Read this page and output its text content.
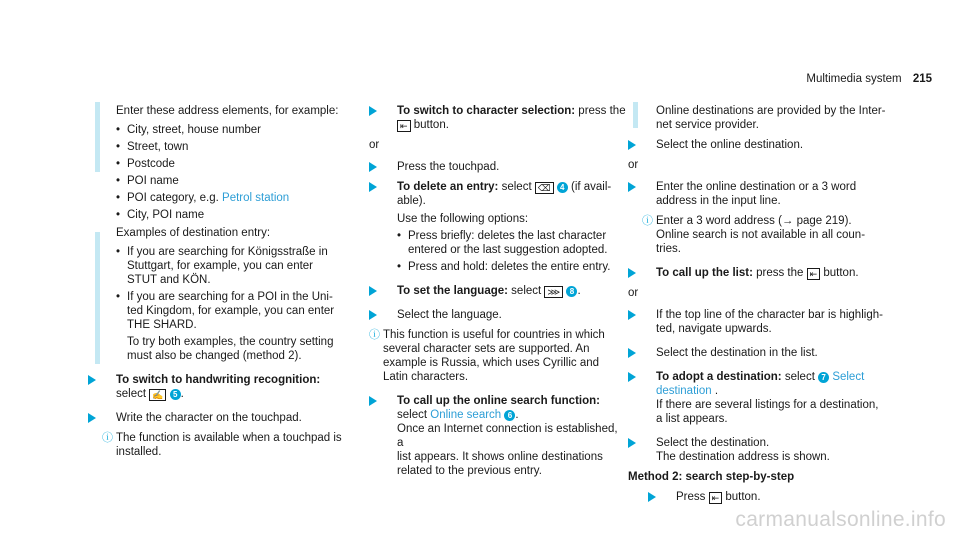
Multimedia system 215
Enter these address elements, for example:
• City, street, house number
• Street, town
• Postcode
• POI name
• POI category, e.g. Petrol station
• City, POI name
Examples of destination entry:
• If you are searching for Königsstraße in
Stuttgart, for example, you can enter
STUT and KÖN.
• If you are searching for a POI in the Uni-
ted Kingdom, for example, you can enter
THE SHARD.
To try both examples, the country setting
must also be changed (method 2).
To switch to handwriting recognition:
select ✍ 5 .
Write the character on the touchpad.
ⓘ The function is available when a touchpad is
installed.
To switch to character selection: press the
⇤ button.
or
Press the touchpad.
To delete an entry: select ⌫ 4 (if avail-
able).
Use the following options:
• Press briefly: deletes the last character
entered or the last suggestion adopted.
• Press and hold: deletes the entire entry.
To set the language: select ⋙ 8 .
Select the language.
ⓘ This function is useful for countries in which
several character sets are supported. An
example is Russia, which uses Cyrillic and
Latin characters.
To call up the online search function:
select Online search 6 .
Once an Internet connection is established, a
list appears. It shows online destinations
related to the previous entry.
Online destinations are provided by the Inter-
net service provider.
Select the online destination.
or
Enter the online destination or a 3 word
address in the input line.
ⓘ Enter a 3 word address (→ page 219).
Online search is not available in all coun-
tries.
To call up the list: press the ⇤ button.
or
If the top line of the character bar is highligh-
ted, navigate upwards.
Select the destination in the list.
To adopt a destination: select 7 Select
destination .
If there are several listings for a destination,
a list appears.
Select the destination.
The destination address is shown.
Method 2: search step-by-step
Press ⇤ button.
carmanualsonline.info
